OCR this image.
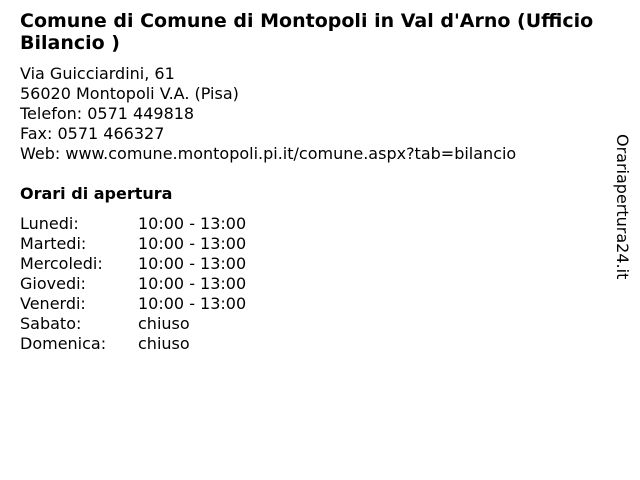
Comune di Comune di Montopoli in Val d'Arno (Ufficio Bilancio )
Via Guicciardini, 61
56020 Montopoli V.A. (Pisa)
Telefon: 0571 449818
Fax: 0571 466327
Web: www.comune.montopoli.pi.it/comune.aspx?tab=bilancio
Orari di apertura
Lunedi:	10:00 - 13:00
Martedi:	10:00 - 13:00
Mercoledi:	10:00 - 13:00
Giovedi:	10:00 - 13:00
Venerdi:	10:00 - 13:00
Sabato:	chiuso
Domenica:	chiuso
Orariapertura24.it
